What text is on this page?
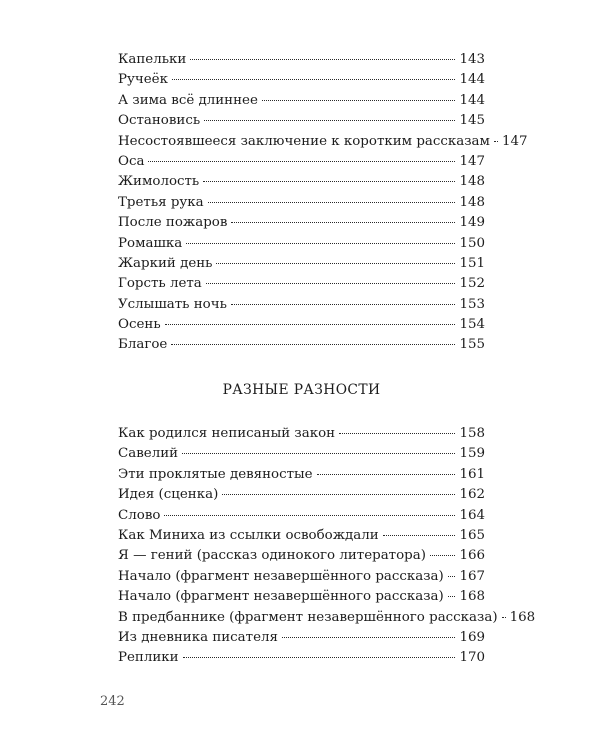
Капельки	143
Ручеёк	144
А зима всё длиннее	144
Остановись	145
Несостоявшееся заключение к коротким рассказам 147
Оса	147
Жимолость	148
Третья рука	148
После пожаров	149
Ромашка	150
Жаркий день	151
Горсть лета	152
Услышать ночь	153
Осень	154
Благое	155
РАЗНЫЕ РАЗНОСТИ
Как родился неписаный закон	158
Савелий	159
Эти проклятые девяностые	161
Идея (сценка)	162
Слово	164
Как Миниха из ссылки освобождали	165
Я — гений (рассказ одинокого литератора)	166
Начало (фрагмент незавершённого рассказа) 167
Начало (фрагмент незавершённого рассказа) 168
В предбаннике (фрагмент незавершённого рассказа) 168
Из дневника писателя	169
Реплики	170
242
